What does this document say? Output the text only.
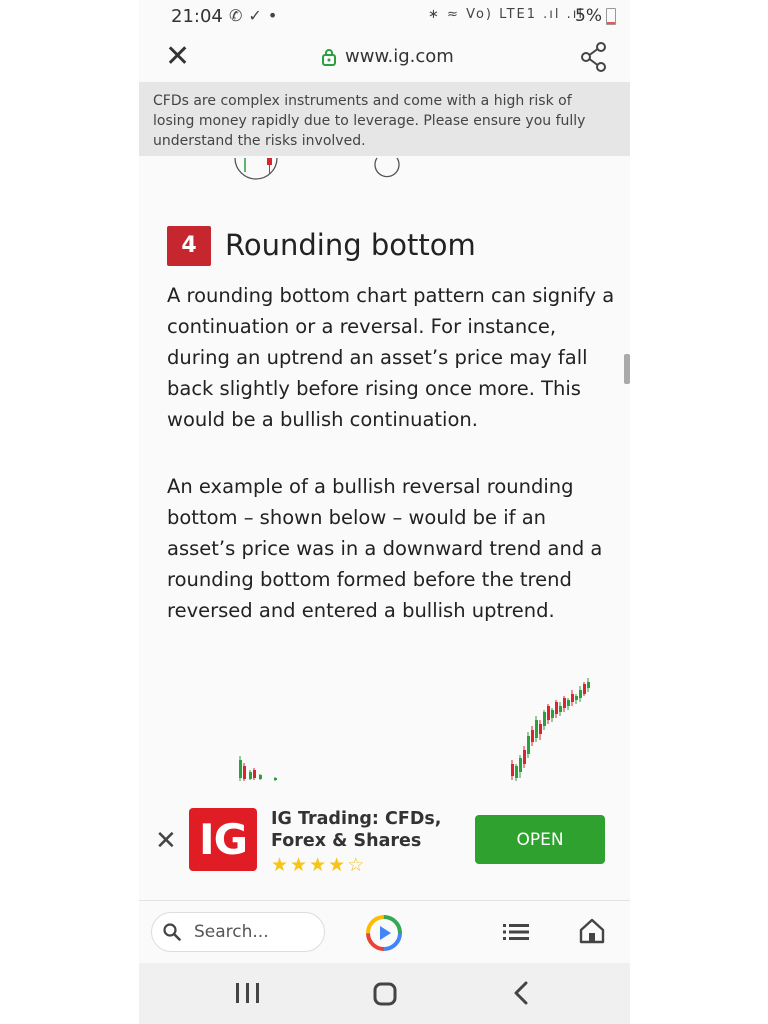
21:04 ✆✓•	∗ ≈ Vo) LTE1 .ıl .ıl
5%
✕	www.ig.com

CFDs are complex instruments and come with a high risk of losing money rapidly due to leverage. Please ensure you fully understand the risks involved.

4 Rounding bottom

A rounding bottom chart pattern can signify a continuation or a reversal. For instance, during an uptrend an asset’s price may fall back slightly before rising once more. This would be a bullish continuation.

An example of a bullish reversal rounding bottom – shown below – would be if an asset’s price was in a downward trend and a rounding bottom formed before the trend reversed and entered a bullish uptrend.

✕ IG	IG Trading: CFDs, Forex & Shares
★★★★☆
OPEN
Search...
